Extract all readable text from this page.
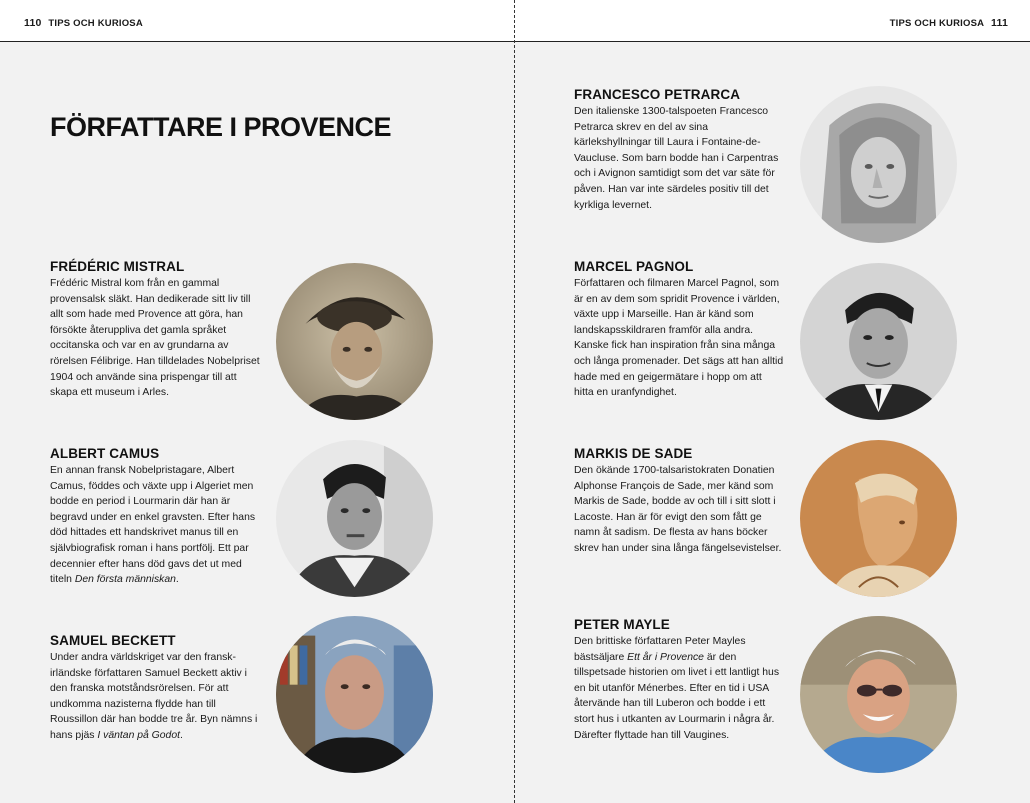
110 TIPS OCH KURIOSA
FÖRFATTARE I PROVENCE
FRÉDÉRIC MISTRAL

Frédéric Mistral kom från en gammal provensalsk släkt. Han dedikerade sitt liv till allt som hade med Provence att göra, han försökte återuppliva det gamla språket occitanska och var en av grundarna av rörelsen Félibrige. Han tilldelades Nobelpriset 1904 och använde sina prispengar till att skapa ett museum i Arles.

ALBERT CAMUS

En annan fransk Nobelpristagare, Albert Camus, föddes och växte upp i Algeriet men bodde en period i Lourmarin där han är begravd under en enkel gravsten. Efter hans död hittades ett handskrivet manus till en självbiografisk roman i hans portfölj. Ett par decennier efter hans död gavs det ut med titeln Den första människan.

SAMUEL BECKETT

Under andra världskriget var den fransk-irländske författaren Samuel Beckett aktiv i den franska motståndsrörelsen. För att undkomma nazisterna flydde han till Roussillon där han bodde tre år. Byn nämns i hans pjäs I väntan på Godot.

TIPS OCH KURIOSA 111
FRANCESCO PETRARCA

Den italienske 1300-talspoeten Francesco Petrarca skrev en del av sina kärlekshyllningar till Laura i Fontaine-de-Vaucluse. Som barn bodde han i Carpentras och i Avignon samtidigt som det var säte för påven. Han var inte särdeles positiv till det kyrkliga levernet.

MARCEL PAGNOL

Författaren och filmaren Marcel Pagnol, som är en av dem som spridit Provence i världen, växte upp i Marseille. Han är känd som landskapsskildraren framför alla andra. Kanske fick han inspiration från sina många och långa promenader. Det sägs att han alltid hade med en geigermätare i hopp om att hitta en uranfyndighet.

MARKIS DE SADE

Den ökände 1700-talsaristokraten Donatien Alphonse François de Sade, mer känd som Markis de Sade, bodde av och till i sitt slott i Lacoste. Han är för evigt den som fått ge namn åt sadism. De flesta av hans böcker skrev han under sina långa fängelsevistelser.

PETER MAYLE

Den brittiske författaren Peter Mayles bästsäljare Ett år i Provence är den tillspetsade historien om livet i ett lantligt hus en bit utanför Ménerbes. Efter en tid i USA återvände han till Luberon och bodde i ett stort hus i utkanten av Lourmarin i några år. Därefter flyttade han till Vaugines.
